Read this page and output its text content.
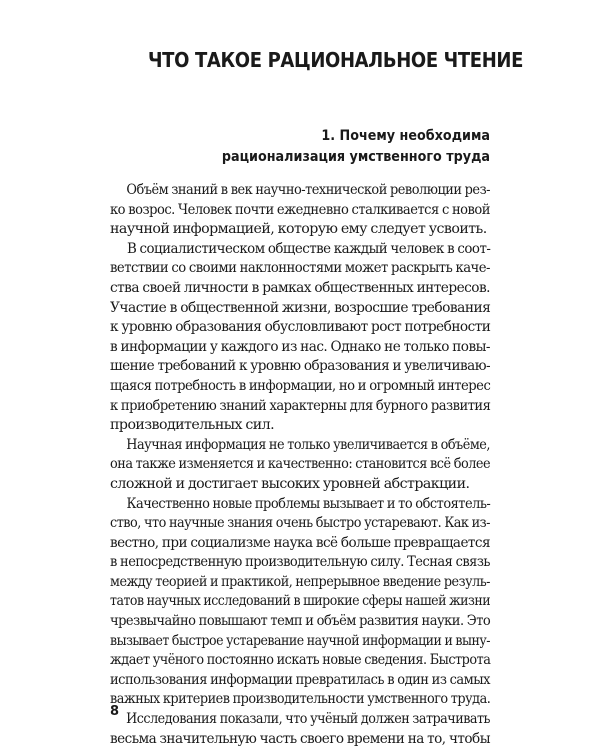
ЧТО ТАКОЕ РАЦИОНАЛЬНОЕ ЧТЕНИЕ
1. Почему необходима
рационализация умственного труда

Объём знаний в век научно-технической революции рез-
ко возрос. Человек почти ежедневно сталкивается с новой
научной информацией, которую ему следует усвоить.

В социалистическом обществе каждый человек в соот-
ветствии со своими наклонностями может раскрыть каче-
ства своей личности в рамках общественных интересов.
Участие в общественной жизни, возросшие требования
к уровню образования обусловливают рост потребности
в информации у каждого из нас. Однако не только повы-
шение требований к уровню образования и увеличиваю-
щаяся потребность в информации, но и огромный интерес
к приобретению знаний характерны для бурного развития
производительных сил.

Научная информация не только увеличивается в объёме,
она также изменяется и качественно: становится всё более
сложной и достигает высоких уровней абстракции.

Качественно новые проблемы вызывает и то обстоятель-
ство, что научные знания очень быстро устаревают. Как из-
вестно, при социализме наука всё больше превращается
в непосредственную производительную силу. Тесная связь
между теорией и практикой, непрерывное введение резуль-
татов научных исследований в широкие сферы нашей жизни
чрезвычайно повышают темп и объём развития науки. Это
вызывает быстрое устаревание научной информации и выну-
ждает учёного постоянно искать новые сведения. Быстрота
использования информации превратилась в один из самых
важных критериев производительности умственного труда.

Исследования показали, что учёный должен затрачивать
весьма значительную часть своего времени на то, чтобы

8
